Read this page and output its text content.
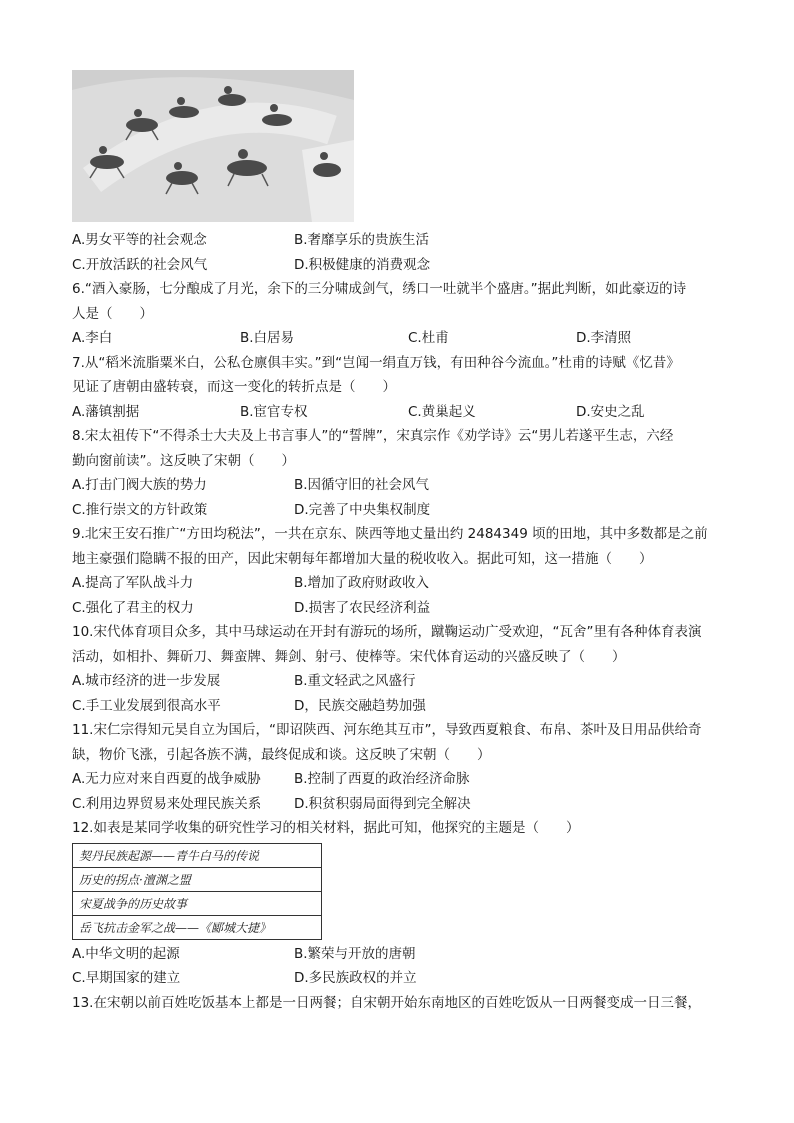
A.男女平等的社会观念	B.奢靡享乐的贵族生活
C.开放活跃的社会风气	D.积极健康的消费观念
6.“酒入豪肠，七分酿成了月光，余下的三分啸成剑气，绣口一吐就半个盛唐。”据此判断，如此豪迈的诗
人是（　　）
A.李白	B.白居易	C.杜甫	D.李清照
7.从“稻米流脂粟米白，公私仓廪俱丰实。”到“岂闻一绢直万钱，有田种谷今流血。”杜甫的诗赋《忆昔》
见证了唐朝由盛转衰，而这一变化的转折点是（　　）
A.藩镇割据	B.宦官专权	C.黄巢起义	D.安史之乱
8.宋太祖传下“不得杀士大夫及上书言事人”的“誓牌”，宋真宗作《劝学诗》云“男儿若遂平生志，六经
勤向窗前读”。这反映了宋朝（　　）
A.打击门阀大族的势力	B.因循守旧的社会风气
C.推行崇文的方针政策	D.完善了中央集权制度
9.北宋王安石推广“方田均税法”，一共在京东、陕西等地丈量出约 2484349 顷的田地，其中多数都是之前
地主豪强们隐瞒不报的田产，因此宋朝每年都增加大量的税收收入。据此可知，这一措施（　　）
A.提高了军队战斗力	B.增加了政府财政收入
C.强化了君主的权力	D.损害了农民经济利益
10.宋代体育项目众多，其中马球运动在开封有游玩的场所，蹴鞠运动广受欢迎，“瓦舍”里有各种体育表演
活动，如相扑、舞斫刀、舞蛮牌、舞剑、射弓、使棒等。宋代体育运动的兴盛反映了（　　）
A.城市经济的进一步发展	B.重文轻武之风盛行
C.手工业发展到很高水平	D，民族交融趋势加强
11.宋仁宗得知元昊自立为国后，“即诏陕西、河东绝其互市”，导致西夏粮食、布帛、茶叶及日用品供给奇
缺，物价飞涨，引起各族不满，最终促成和谈。这反映了宋朝（　　）
A.无力应对来自西夏的战争威胁	B.控制了西夏的政治经济命脉
C.利用边界贸易来处理民族关系	D.积贫积弱局面得到完全解决
12.如表是某同学收集的研究性学习的相关材料，据此可知，他探究的主题是（　　）
契丹民族起源——青牛白马的传说
历史的拐点·澶渊之盟
宋夏战争的历史故事
岳飞抗击金军之战——《郾城大捷》
A.中华文明的起源	B.繁荣与开放的唐朝
C.早期国家的建立	D.多民族政权的并立
13.在宋朝以前百姓吃饭基本上都是一日两餐；自宋朝开始东南地区的百姓吃饭从一日两餐变成一日三餐，
